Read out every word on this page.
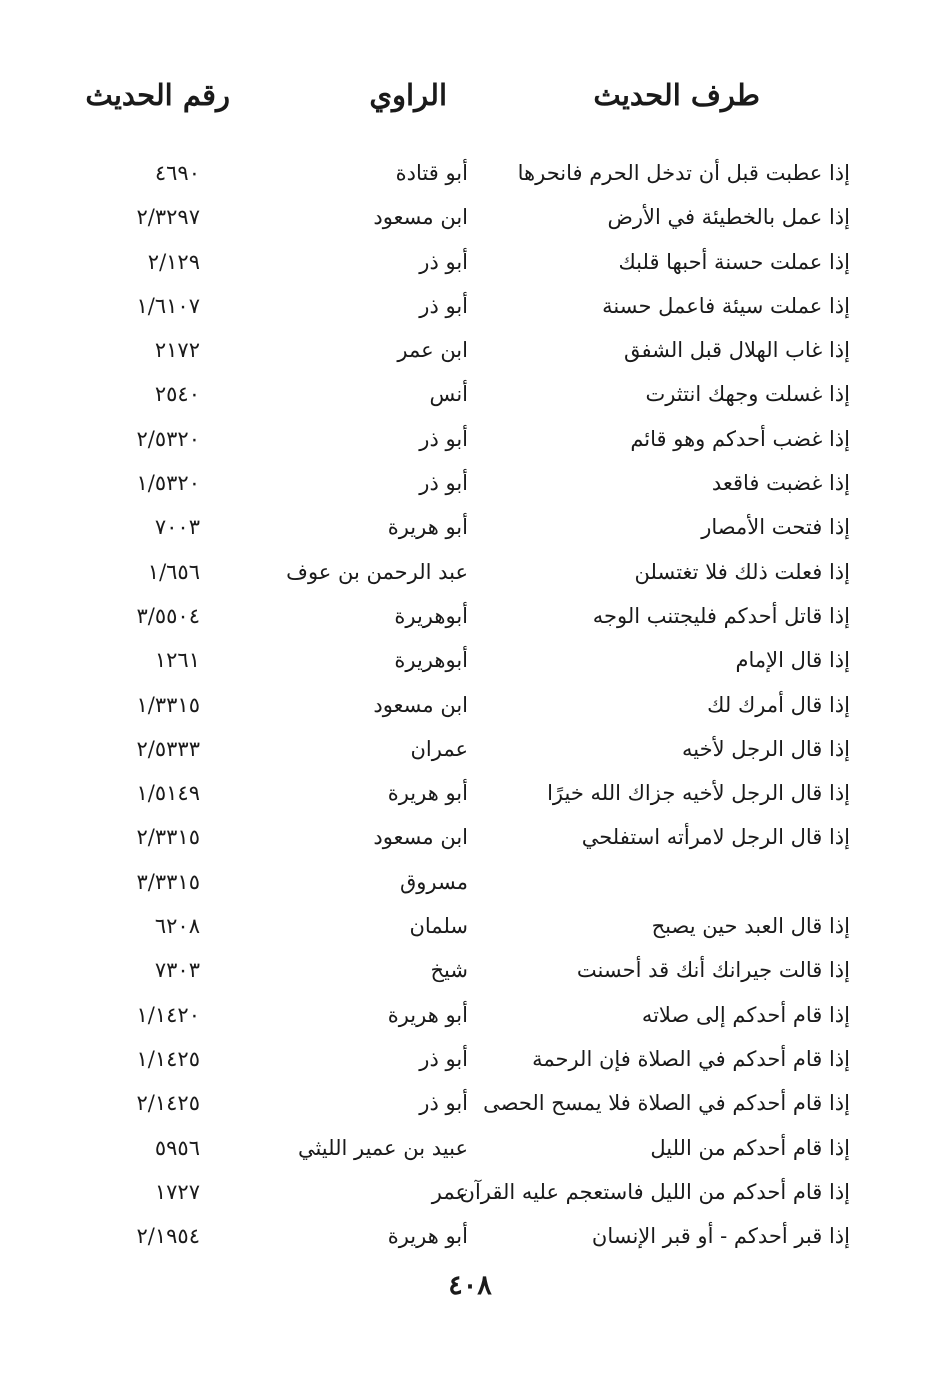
طرف الحديث
الراوي
رقم الحديث
إذا عطبت قبل أن تدخل الحرم فانحرها
أبو قتادة
٤٦٩٠
إذا عمل بالخطيئة في الأرض
ابن مسعود
٢/٣٢٩٧
إذا عملت حسنة أحبها قلبك
أبو ذر
٢/١٢٩
إذا عملت سيئة فاعمل حسنة
أبو ذر
١/٦١٠٧
إذا غاب الهلال قبل الشفق
ابن عمر
٢١٧٢
إذا غسلت وجهك انتثرت
أنس
٢٥٤٠
إذا غضب أحدكم وهو قائم
أبو ذر
٢/٥٣٢٠
إذا غضبت فاقعد
أبو ذر
١/٥٣٢٠
إذا فتحت الأمصار
أبو هريرة
٧٠٠٣
إذا فعلت ذلك فلا تغتسلن
عبد الرحمن بن عوف
١/٦٥٦
إذا قاتل أحدكم فليجتنب الوجه
أبوهريرة
٣/٥٥٠٤
إذا قال الإمام
أبوهريرة
١٢٦١
إذا قال أمرك لك
ابن مسعود
١/٣٣١٥
إذا قال الرجل لأخيه
عمران
٢/٥٣٣٣
إذا قال الرجل لأخيه جزاك الله خيرًا
أبو هريرة
١/٥١٤٩
إذا قال الرجل لامرأته استفلحي
ابن مسعود
٢/٣٣١٥
مسروق
٣/٣٣١٥
إذا قال العبد حين يصبح
سلمان
٦٢٠٨
إذا قالت جيرانك أنك قد أحسنت
شيخ
٧٣٠٣
إذا قام أحدكم إلى صلاته
أبو هريرة
١/١٤٢٠
إذا قام أحدكم في الصلاة فإن الرحمة
أبو ذر
١/١٤٢٥
إذا قام أحدكم في الصلاة فلا يمسح الحصى
أبو ذر
٢/١٤٢٥
إذا قام أحدكم من الليل
عبيد بن عمير الليثي
٥٩٥٦
إذا قام أحدكم من الليل فاستعجم عليه القرآن
عمر
١٧٢٧
إذا قبر أحدكم - أو قبر الإنسان
أبو هريرة
٢/١٩٥٤
٤٠٨
